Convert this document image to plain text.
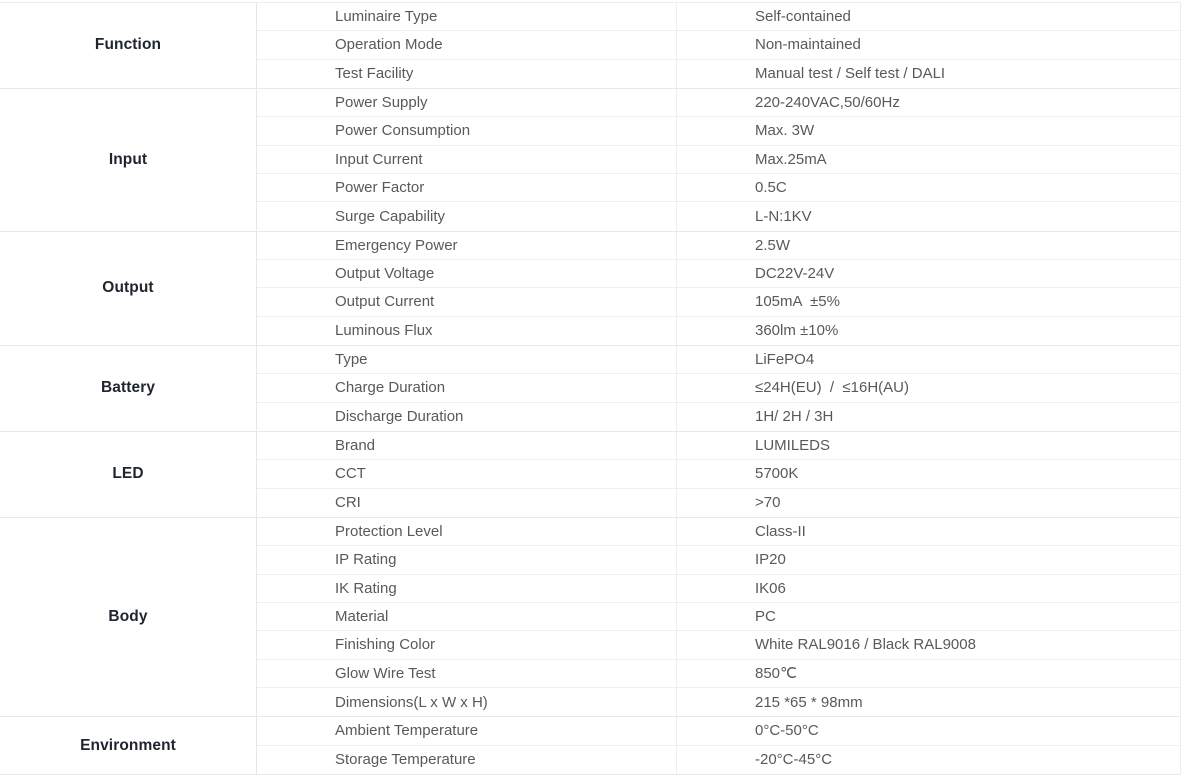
Function
Luminaire Type	Self-contained
Operation Mode	Non-maintained
Test Facility	Manual test / Self test / DALI
Input
Power Supply	220-240VAC,50/60Hz
Power Consumption	Max. 3W
Input Current	Max.25mA
Power Factor	0.5C
Surge Capability	L-N:1KV
Output
Emergency Power	2.5W
Output Voltage	DC22V-24V
Output Current	105mA  ±5%
Luminous Flux	360lm ±10%
Battery
Type	LiFePO4
Charge Duration	≤24H(EU)  /  ≤16H(AU)
Discharge Duration	1H/ 2H / 3H
LED
Brand	LUMILEDS
CCT	5700K
CRI	>70
Body
Protection Level	Class-II
IP Rating	IP20
IK Rating	IK06
Material	PC
Finishing Color	White RAL9016 / Black RAL9008
Glow Wire Test	850℃
Dimensions(L x W x H)	215 *65 * 98mm
Environment
Ambient Temperature	0°C-50°C
Storage Temperature	-20°C-45°C
